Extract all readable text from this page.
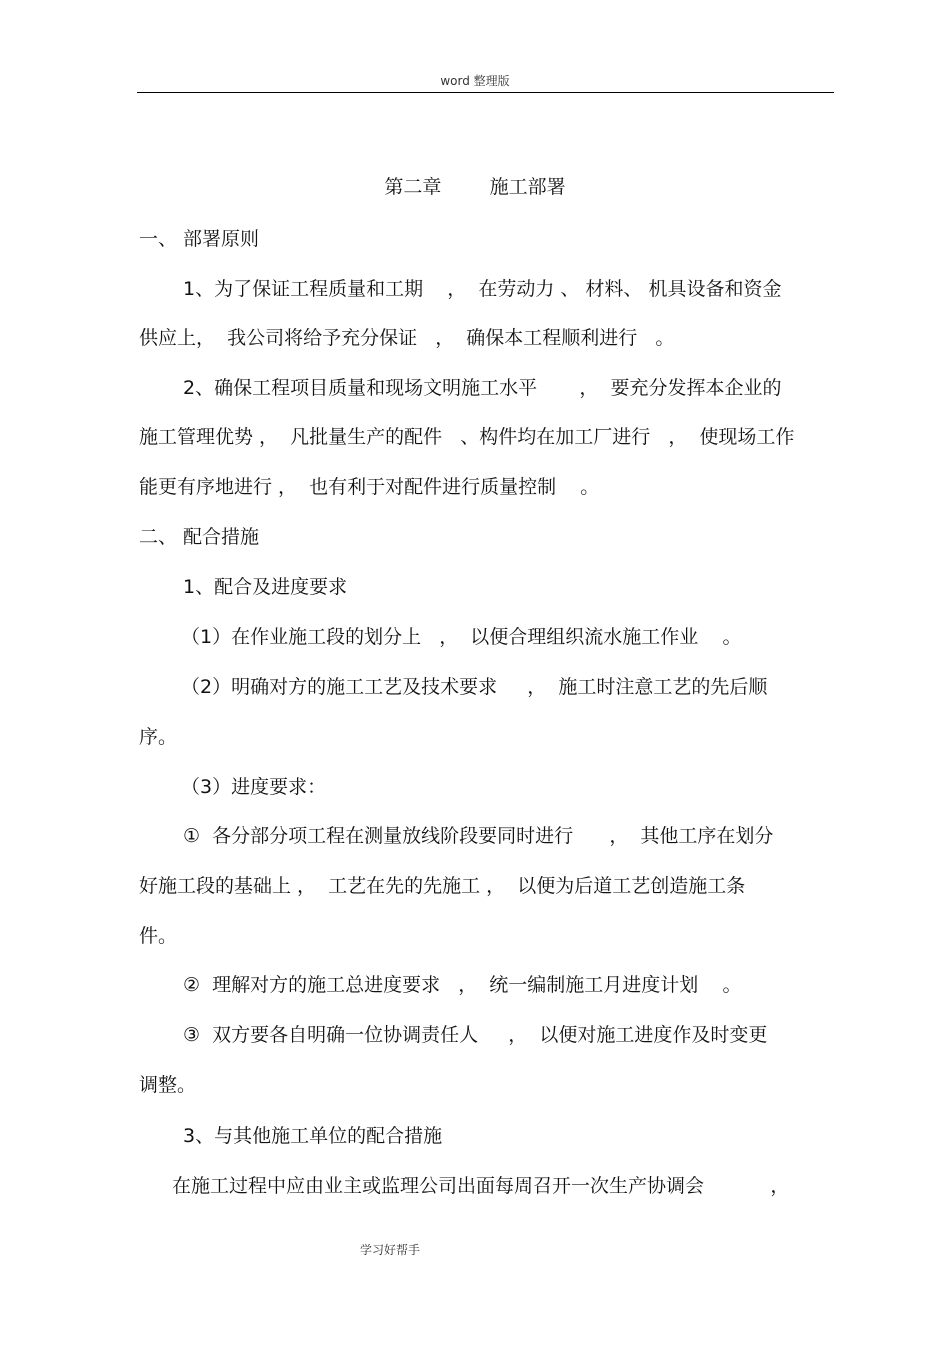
word 整理版
第二章        施工部署
一、 部署原则
1、为了保证工程质量和工期    ，  在劳动力 、 材料、 机具设备和资金
供应上，  我公司将给予充分保证   ，  确保本工程顺利进行   。
2、确保工程项目质量和现场文明施工水平       ，  要充分发挥本企业的
施工管理优势 ，  凡批量生产的配件   、构件均在加工厂进行   ，  使现场工作
能更有序地进行 ，  也有利于对配件进行质量控制    。
二、 配合措施
1、配合及进度要求
（1）在作业施工段的划分上   ，  以便合理组织流水施工作业    。
（2）明确对方的施工工艺及技术要求     ，  施工时注意工艺的先后顺
序。
（3）进度要求：
①  各分部分项工程在测量放线阶段要同时进行      ，  其他工序在划分
好施工段的基础上 ，  工艺在先的先施工 ，  以便为后道工艺创造施工条
件。
②  理解对方的施工总进度要求   ，  统一编制施工月进度计划    。
③  双方要各自明确一位协调责任人     ，  以便对施工进度作及时变更
调整。
3、与其他施工单位的配合措施
在施工过程中应由业主或监理公司出面每周召开一次生产协调会           ，
学习好帮手
